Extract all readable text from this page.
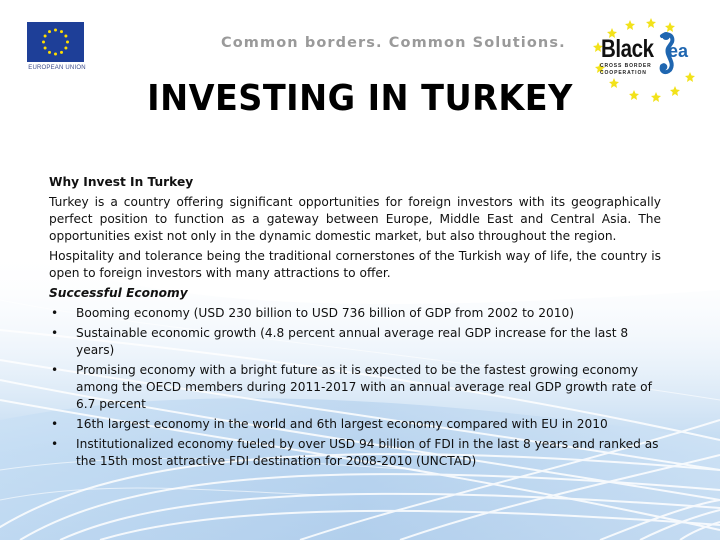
EUROPEAN UNION
Common borders. Common Solutions. Black ea
CROSS BORDER
COOPERATION
INVESTING IN TURKEY

Why Invest In Turkey

Turkey is a country offering significant opportunities for foreign investors with its geographically perfect position to function as a gateway between Europe, Middle East and Central Asia. The opportunities exist not only in the dynamic domestic market, but also throughout the region.

Hospitality and tolerance being the traditional cornerstones of the Turkish way of life, the country is open to foreign investors with many attractions to offer.

Successful Economy

• Booming economy (USD 230 billion to USD 736 billion of GDP from 2002 to 2010)
• Sustainable economic growth (4.8 percent annual average real GDP increase for the last 8 years)
• Promising economy with a bright future as it is expected to be the fastest growing economy among the OECD members during 2011-2017 with an annual average real GDP growth rate of 6.7 percent
• 16th largest economy in the world and 6th largest economy compared with EU in 2010
• Institutionalized economy fueled by over USD 94 billion of FDI in the last 8 years and ranked as the 15th most attractive FDI destination for 2008-2010 (UNCTAD)
